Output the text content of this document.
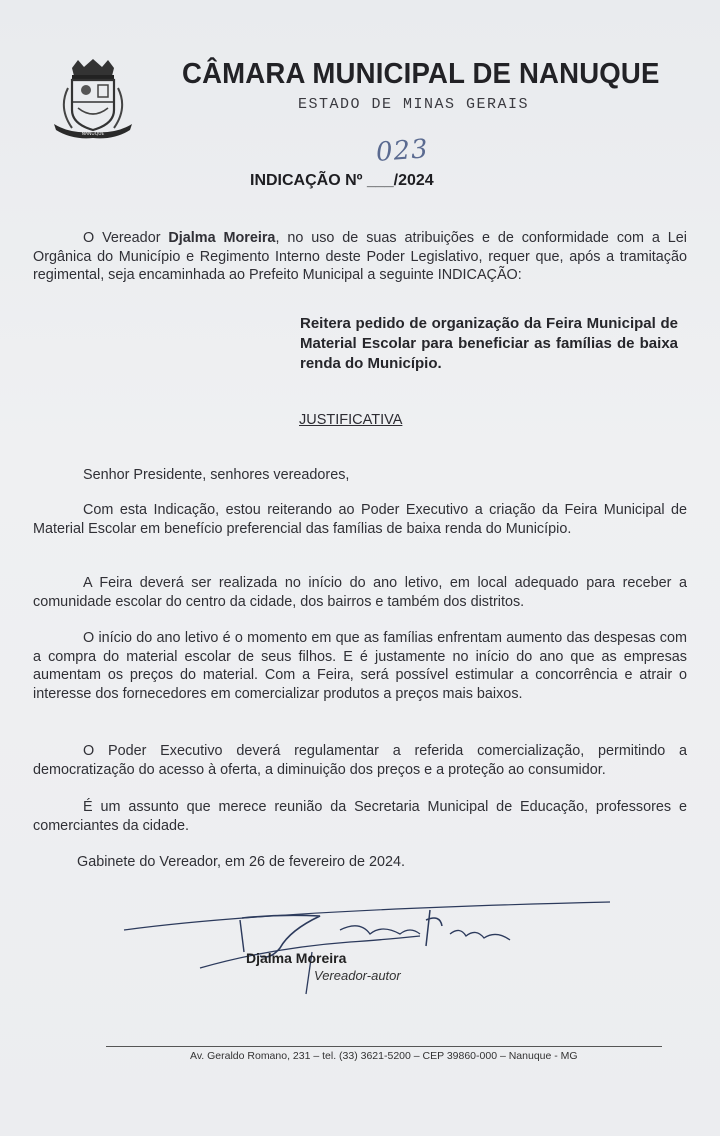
NANUQUE
CÂMARA MUNICIPAL DE NANUQUE
ESTADO DE MINAS GERAIS
023
INDICAÇÃO Nº ___/2024
O Vereador Djalma Moreira, no uso de suas atribuições e de conformidade com a Lei Orgânica do Município e Regimento Interno deste Poder Legislativo, requer que, após a tramitação regimental, seja encaminhada ao Prefeito Municipal a seguinte INDICAÇÃO:
Reitera pedido de organização da Feira Municipal de Material Escolar para beneficiar as famílias de baixa renda do Município.
JUSTIFICATIVA
Senhor Presidente, senhores vereadores,
Com esta Indicação, estou reiterando ao Poder Executivo a criação da Feira Municipal de Material Escolar em benefício preferencial das famílias de baixa renda do Município.
A Feira deverá ser realizada no início do ano letivo, em local adequado para receber a comunidade escolar do centro da cidade, dos bairros e também dos distritos.
O início do ano letivo é o momento em que as famílias enfrentam aumento das despesas com a compra do material escolar de seus filhos. E é justamente no início do ano que as empresas aumentam os preços do material. Com a Feira, será possível estimular a concorrência e atrair o interesse dos fornecedores em comercializar produtos a preços mais baixos.
O Poder Executivo deverá regulamentar a referida comercialização, permitindo a democratização do acesso à oferta, a diminuição dos preços e a proteção ao consumidor.
É um assunto que merece reunião da Secretaria Municipal de Educação, professores e comerciantes da cidade.
Gabinete do Vereador, em 26 de fevereiro de 2024.
Djalma Moreira
Vereador-autor
Av. Geraldo Romano, 231 – tel. (33) 3621-5200 – CEP 39860-000 – Nanuque - MG
